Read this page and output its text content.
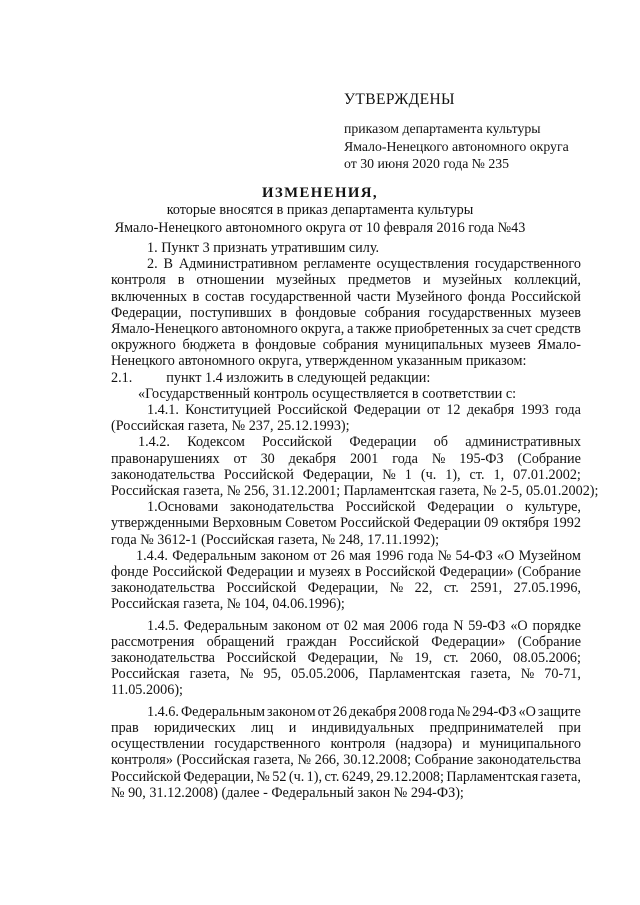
УТВЕРЖДЕНЫ
приказом департамента культуры
Ямало-Ненецкого автономного округа
от 30 июня 2020 года № 235
ИЗМЕНЕНИЯ,
которые вносятся в приказ департамента культуры
Ямало-Ненецкого автономного округа от 10 февраля 2016 года №43
1. Пункт 3 признать утратившим силу.
2. В Административном регламенте осуществления государственного
контроля в отношении музейных предметов и музейных коллекций,
включенных в состав государственной части Музейного фонда Российской
Федерации, поступивших в фондовые собрания государственных музеев
Ямало-Ненецкого автономного округа, а также приобретенных за счет средств
окружного бюджета в фондовые собрания муниципальных музеев Ямало-
Ненецкого автономного округа, утвержденном указанным приказом:
2.1. пункт 1.4 изложить в следующей редакции:
«Государственный контроль осуществляется в соответствии с:
1.4.1. Конституцией Российской Федерации от 12 декабря 1993 года
(Российская газета, № 237, 25.12.1993);
1.4.2. Кодексом Российской Федерации об административных
правонарушениях от 30 декабря 2001 года № 195-ФЗ (Собрание
законодательства Российской Федерации, № 1 (ч. 1), ст. 1, 07.01.2002;
Российская газета, № 256, 31.12.2001; Парламентская газета, № 2-5, 05.01.2002);
1.Основами законодательства Российской Федерации о культуре,
утвержденными Верховным Советом Российской Федерации 09 октября 1992
года № 3612-1 (Российская газета, № 248, 17.11.1992);
1.4.4. Федеральным законом от 26 мая 1996 года № 54-ФЗ «О Музейном
фонде Российской Федерации и музеях в Российской Федерации» (Собрание
законодательства Российской Федерации, № 22, ст. 2591, 27.05.1996,
Российская газета, № 104, 04.06.1996);
1.4.5. Федеральным законом от 02 мая 2006 года N 59-ФЗ «О порядке
рассмотрения обращений граждан Российской Федерации» (Собрание
законодательства Российской Федерации, № 19, ст. 2060, 08.05.2006;
Российская газета, № 95, 05.05.2006, Парламентская газета, № 70-71,
11.05.2006);
1.4.6. Федеральным законом от 26 декабря 2008 года № 294-ФЗ «О защите
прав юридических лиц и индивидуальных предпринимателей при
осуществлении государственного контроля (надзора) и муниципального
контроля» (Российская газета, № 266, 30.12.2008; Собрание законодательства
Российской Федерации, № 52 (ч. 1), ст. 6249, 29.12.2008; Парламентская газета,
№ 90, 31.12.2008) (далее - Федеральный закон № 294-ФЗ);
